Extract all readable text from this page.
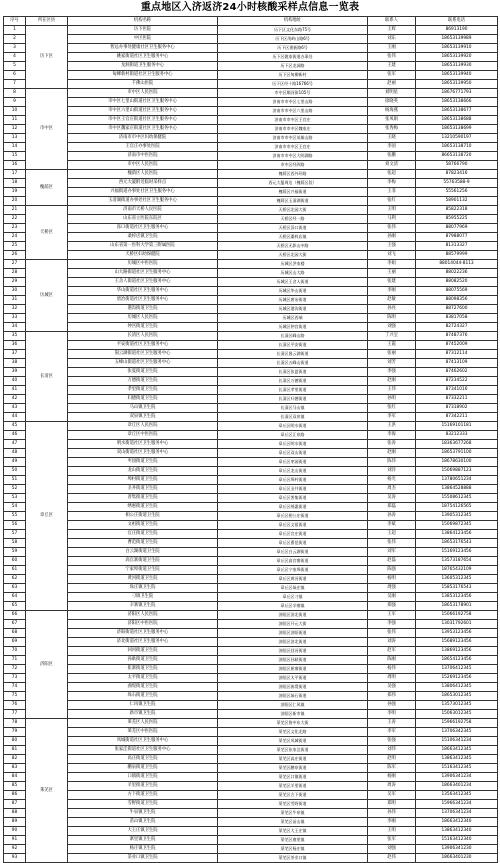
重点地区入济返济24小时核酸采样点信息一览表
序号	所在区县	机构名称	机构地址	联系人	联系电话
1	历下区	历下医院	历下区文化东路75号	王辉	86913190
2		中区医院	历下区茂岭山路6号	刘东	18653139989
3		智远办事处健康社区卫生服务中心	历下区建新路6号	王刚	18653139910
4		姚家街道社区卫生服务中心	历下区姚家街道办事处	张伟	18653139920
5		龙洞街道卫生服务中心	历下区龙洞路	王建	18653139930
6		甸柳新村街道社区卫生服务中心	历下区甸柳新村	张军	18653139940
7		千佛山医院	历下区经十路16766号	赵丽	18653139950
8	市中区	市中区人民医院	市中区顺河街105号	刘明星	18676771793
9		市中区七里山街道社区卫生服务中心	济南市市中区七里山路	徐晓英	18653138666
10		市中区六里山街道社区卫生服务中心	济南市市中区六里山路	杨海燕	18653138677
11		市中区王官庄街道社区卫生服务中心	济南市市中区王官庄	张凤娟	18653138688
12		市中区魏家庄街道社区卫生服务中心	济南市市中区魏家庄	张秀梅	18653138699
13		济南市市中区妇幼保健院	济南市市中区英雄山路	王晓	13210590197
14		王官庄办事处医院	济南市市中区王官庄	李国	18653138710
15		济南市中医医院	济南市市中区大明湖路	张鹏	86653138720
16		市中区人民医院	市中区经四路	刘文清	58766790
17	槐荫区	槐荫区人民医院	槐荫区西外环路	张超	87823416
18		西元大厦附近临时采样点	西元大厦周边（槐荫区段）	李梅	55763588-9
19		兴福街道办事处社区卫生服务中心	槐荫区兴福街道	王菲	55561256
20		玉清湖街道办事处社区卫生服务中心	槐荫区玉清湖街道	张红	58901132
21	天桥区	济南市天桥人民医院	天桥区北园大街	王明	85822318
22		山东省立医院东院区	天桥区经一路	马利	85955225
23		泺口街道社区卫生服务中心	天桥区泺口街道	张伟	88077969
24		桑梓店镇卫生院	天桥区桑梓店镇	孙刚	87988077
25		山东省第一医科大学第三附属医院	天桥区无影山中路	王强	81313327
26		天桥区妇幼保健院	天桥区北园大街	刘飞	88579999
27	历城区	历城区中医医院	历城区洪家楼	李娟	88014044-8113
28		山大路街道社区卫生服务中心	历城区山大路	王丽	88022236
29		王舍人街道社区卫生服务中心	历城区王舍人街道	张建	88082520
30		华山街道社区卫生服务中心	历城区华山街道	李刚	88075569
31		唐冶街道社区卫生服务中心	历城区唐冶街道	赵敏	88098356
32		港沟街道卫生院	历城区港沟街道	孙亮	88727600
33		历城区人民医院	历城区西端	陈明	83817058
34		仲宫街道卫生院	历城区仲宫街道	刘强	82724327
35	长清区	长清区人民医院	长清区峰山路	丁兴宝	87487376
36		平安街道社区卫生服务中心	长清区平安街道	王霞	87452009
37		崮云湖街道社区卫生服务中心	长清区崮云湖街道	张丽	87312114
38		五峰山街道社区卫生服务中心	长清区五峰山街道	刘芳	87413109
39		张夏街道卫生院	长清区张夏街道	李强	87462602
40		万德街道卫生院	长清区万德街道	赵刚	87234522
41		孝里街道卫生院	长清区孝里街道	王伟	87341016
42		归德街道卫生院	长清区归德街道	孙明	87332211
43		马山镇卫生院	长清区马山镇	张红	87318902
44		双泉镇卫生院	长清区双泉镇	李军	87342211
45	章丘区	章丘区人民医院	章丘区明水街道	王洪	15169101181
46		章丘区中医医院	章丘区汇泉路	李海	83212333
47		明水街道社区卫生服务中心	章丘区明水街道	张涛	18363677268
48		双山街道社区卫生服务中心	章丘区双山街道	赵刚	18653791100
49		枣园街道卫生院	章丘区枣园街道	陈伟	18678630100
50		龙山街道卫生院	章丘区龙山街道	刘洋	15069887123
51		埠村街道卫生院	章丘区埠村街道	杨光	13780651234
52		圣井街道卫生院	章丘区圣井街道	周杰	13864528888
53		普集街道卫生院	章丘区普集街道	吴涛	15508612345
54		绣惠街道卫生院	章丘区绣惠街道	郑磊	18754126565
55		相公庄街道卫生院	章丘区相公庄街道	孙涛	13905312345
56		文祖街道卫生院	章丘区文祖街道	李斌	15069872345
57		官庄街道卫生院	章丘区官庄街道	王超	13864123456
58		曹范街道卫生院	章丘区曹范街道	张伟	18653176543
59		白云湖街道卫生院	章丘区白云湖街道	刘军	15169123456
60		高官寨街道卫生院	章丘区高官寨街道	赵磊	13573187654
61		宁家埠街道卫生院	章丘区宁家埠街道	陈强	18765432109
62		黄河街道卫生院	章丘区黄河街道	杨明	13605312345
63		垛庄镇卫生院	章丘区垛庄镇	周强	15853176543
64		刁镇卫生院	章丘区刁镇	吴刚	13853123456
65		辛寨镇卫生院	章丘区辛寨镇	郑强	18653178901
66	济阳区	济阳区人民医院	济阳区济北街道	王军	15066192758
67		济阳区中医医院	济阳区开元大街	李强	13031792601
68		济阳街道社区卫生服务中心	济阳区济阳街道	张伟	13953123456
69		济北街道社区卫生服务中心	济阳区济北街道	刘涛	15689123456
70		回河街道卫生院	济阳区回河街道	赵军	13869123456
71		孙耿街道卫生院	济阳区孙耿街道	陈刚	18654123456
72		崔寨街道卫生院	济阳区崔寨街道	杨伟	13706412345
73		太平街道卫生院	济阳区太平街道	周明	15269123456
74		曲堤街道卫生院	济阳区曲堤街道	吴强	13806412345
75		垛石街道卫生院	济阳区垛石街道	郑伟	18653012345
76		仁风镇卫生院	济阳区仁风镇	孙强	13573012345
77		新市镇卫生院	济阳区新市镇	李明	15063012345
78	莱芜区	莱芜区人民医院	莱芜区鲁中东大街	王涛	15966192758
79		莱芜区中医医院	莱芜区文化北路	李军	13706342345
80		凤城街道社区卫生服务中心	莱芜区凤城街道	张强	15106341234
81		张家洼街道社区卫生服务中心	莱芜区张家洼街道	刘伟	18663412345
82		高庄街道卫生院	莱芜区高庄街道	赵明	13863412345
83		鹏泉街道卫生院	莱芜区鹏泉街道	陈军	15163412345
84		口镇街道卫生院	莱芜区口镇街道	杨刚	13906341234
85		羊里街道卫生院	莱芜区羊里街道	周涛	18663401234
86		方下街道卫生院	莱芜区方下街道	吴军	13563412345
87		雪野街道卫生院	莱芜区雪野街道	郑明	15966341234
88		牛泉镇卫生院	莱芜区牛泉镇	孙伟	13706341234
89		苗山镇卫生院	莱芜区苗山镇	李刚	18663412340
90		大王庄镇卫生院	莱芜区大王庄镇	王明	13863412340
91		寨里镇卫生院	莱芜区寨里镇	张军	15163412340
92		杨庄镇卫生院	莱芜区杨庄镇	刘强	13906341230
93		茶业口镇卫生院	莱芜区茶业口镇	赵伟	18663401230
